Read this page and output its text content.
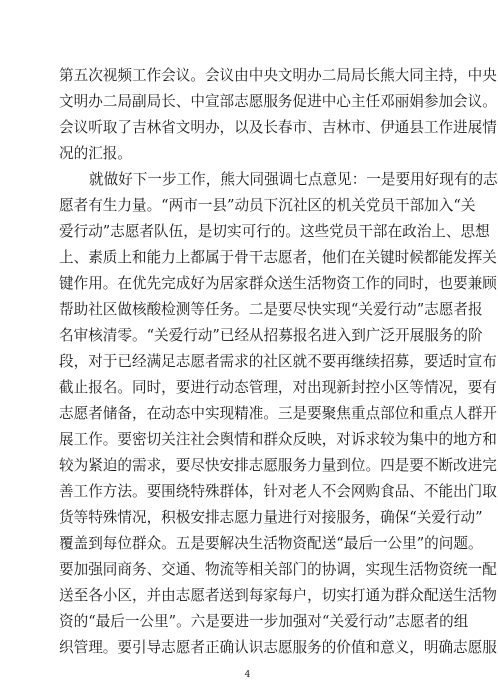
第五次视频工作会议。会议由中央文明办二局局长熊大同主持，中央
文明办二局副局长、中宣部志愿服务促进中心主任邓丽娟参加会议。
会议听取了吉林省文明办，以及长春市、吉林市、伊通县工作进展情
况的汇报。
就做好下一步工作，熊大同强调七点意见：一是要用好现有的志
愿者有生力量。“两市一县”动员下沉社区的机关党员干部加入“关
爱行动”志愿者队伍，是切实可行的。这些党员干部在政治上、思想
上、素质上和能力上都属于骨干志愿者，他们在关键时候都能发挥关
键作用。在优先完成好为居家群众送生活物资工作的同时，也要兼顾
帮助社区做核酸检测等任务。二是要尽快实现“关爱行动”志愿者报
名审核清零。“关爱行动”已经从招募报名进入到广泛开展服务的阶
段，对于已经满足志愿者需求的社区就不要再继续招募，要适时宣布
截止报名。同时，要进行动态管理，对出现新封控小区等情况，要有
志愿者储备，在动态中实现精准。三是要聚焦重点部位和重点人群开
展工作。要密切关注社会舆情和群众反映，对诉求较为集中的地方和
较为紧迫的需求，要尽快安排志愿服务力量到位。四是要不断改进完
善工作方法。要围绕特殊群体，针对老人不会网购食品、不能出门取
货等特殊情况，积极安排志愿力量进行对接服务，确保“关爱行动”
覆盖到每位群众。五是要解决生活物资配送“最后一公里”的问题。
要加强同商务、交通、物流等相关部门的协调，实现生活物资统一配
送至各小区，并由志愿者送到每家每户，切实打通为群众配送生活物
资的“最后一公里”。六是要进一步加强对“关爱行动”志愿者的组
织管理。要引导志愿者正确认识志愿服务的价值和意义，明确志愿服
4
